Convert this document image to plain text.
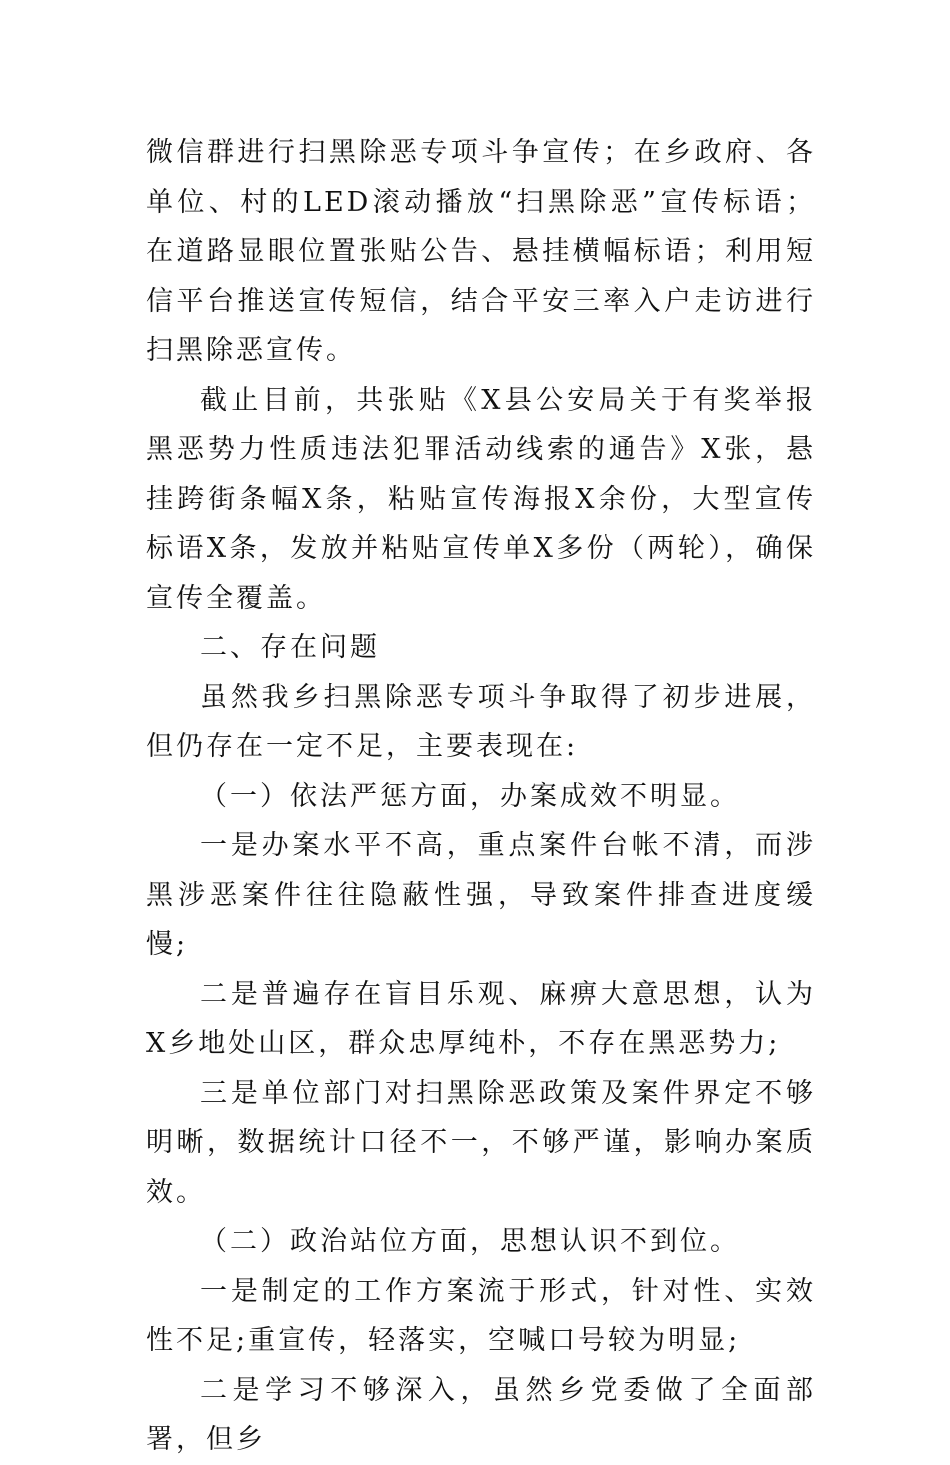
微信群进行扫黑除恶专项斗争宣传；在乡政府、各单位、村的LED滚动播放“扫黑除恶”宣传标语；在道路显眼位置张贴公告、悬挂横幅标语；利用短信平台推送宣传短信，结合平安三率入户走访进行扫黑除恶宣传。

截止目前，共张贴《X县公安局关于有奖举报黑恶势力性质违法犯罪活动线索的通告》X张，悬挂跨街条幅X条，粘贴宣传海报X余份，大型宣传标语X条，发放并粘贴宣传单X多份（两轮），确保宣传全覆盖。

二、存在问题

虽然我乡扫黑除恶专项斗争取得了初步进展，但仍存在一定不足，主要表现在:

（一）依法严惩方面，办案成效不明显。

一是办案水平不高，重点案件台帐不清，而涉黑涉恶案件往往隐蔽性强，导致案件排查进度缓慢;

二是普遍存在盲目乐观、麻痹大意思想，认为X乡地处山区，群众忠厚纯朴，不存在黑恶势力;

三是单位部门对扫黑除恶政策及案件界定不够明晰，数据统计口径不一，不够严谨，影响办案质效。

（二）政治站位方面，思想认识不到位。

一是制定的工作方案流于形式，针对性、实效性不足;重宣传，轻落实，空喊口号较为明显;

二是学习不够深入，虽然乡党委做了全面部署，但乡
